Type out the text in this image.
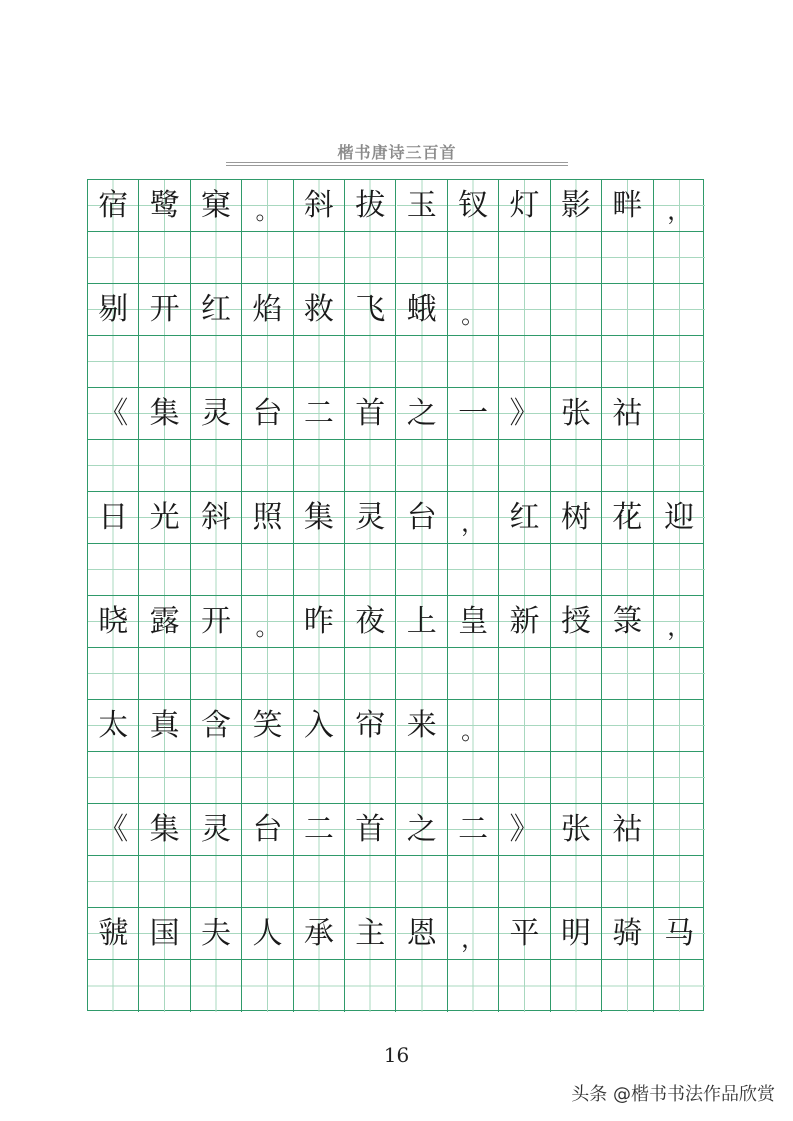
楷书唐诗三百首
宿 鹭 窠	。 斜 拔 玉 钗 灯 影 畔	，
剔 开 红 焰 救 飞 蛾	。
《 集 灵 台 二 首 之 一 》 张 祜
日 光 斜 照 集 灵 台	， 红 树 花 迎
晓 露 开	。 昨 夜 上 皇 新 授 箓	，
太 真 含 笑 入 帘 来	。
《 集 灵 台 二 首 之 二 》 张 祜
虢 国 夫 人 承 主 恩	， 平 明 骑 马
16
头条 @楷书书法作品欣赏
